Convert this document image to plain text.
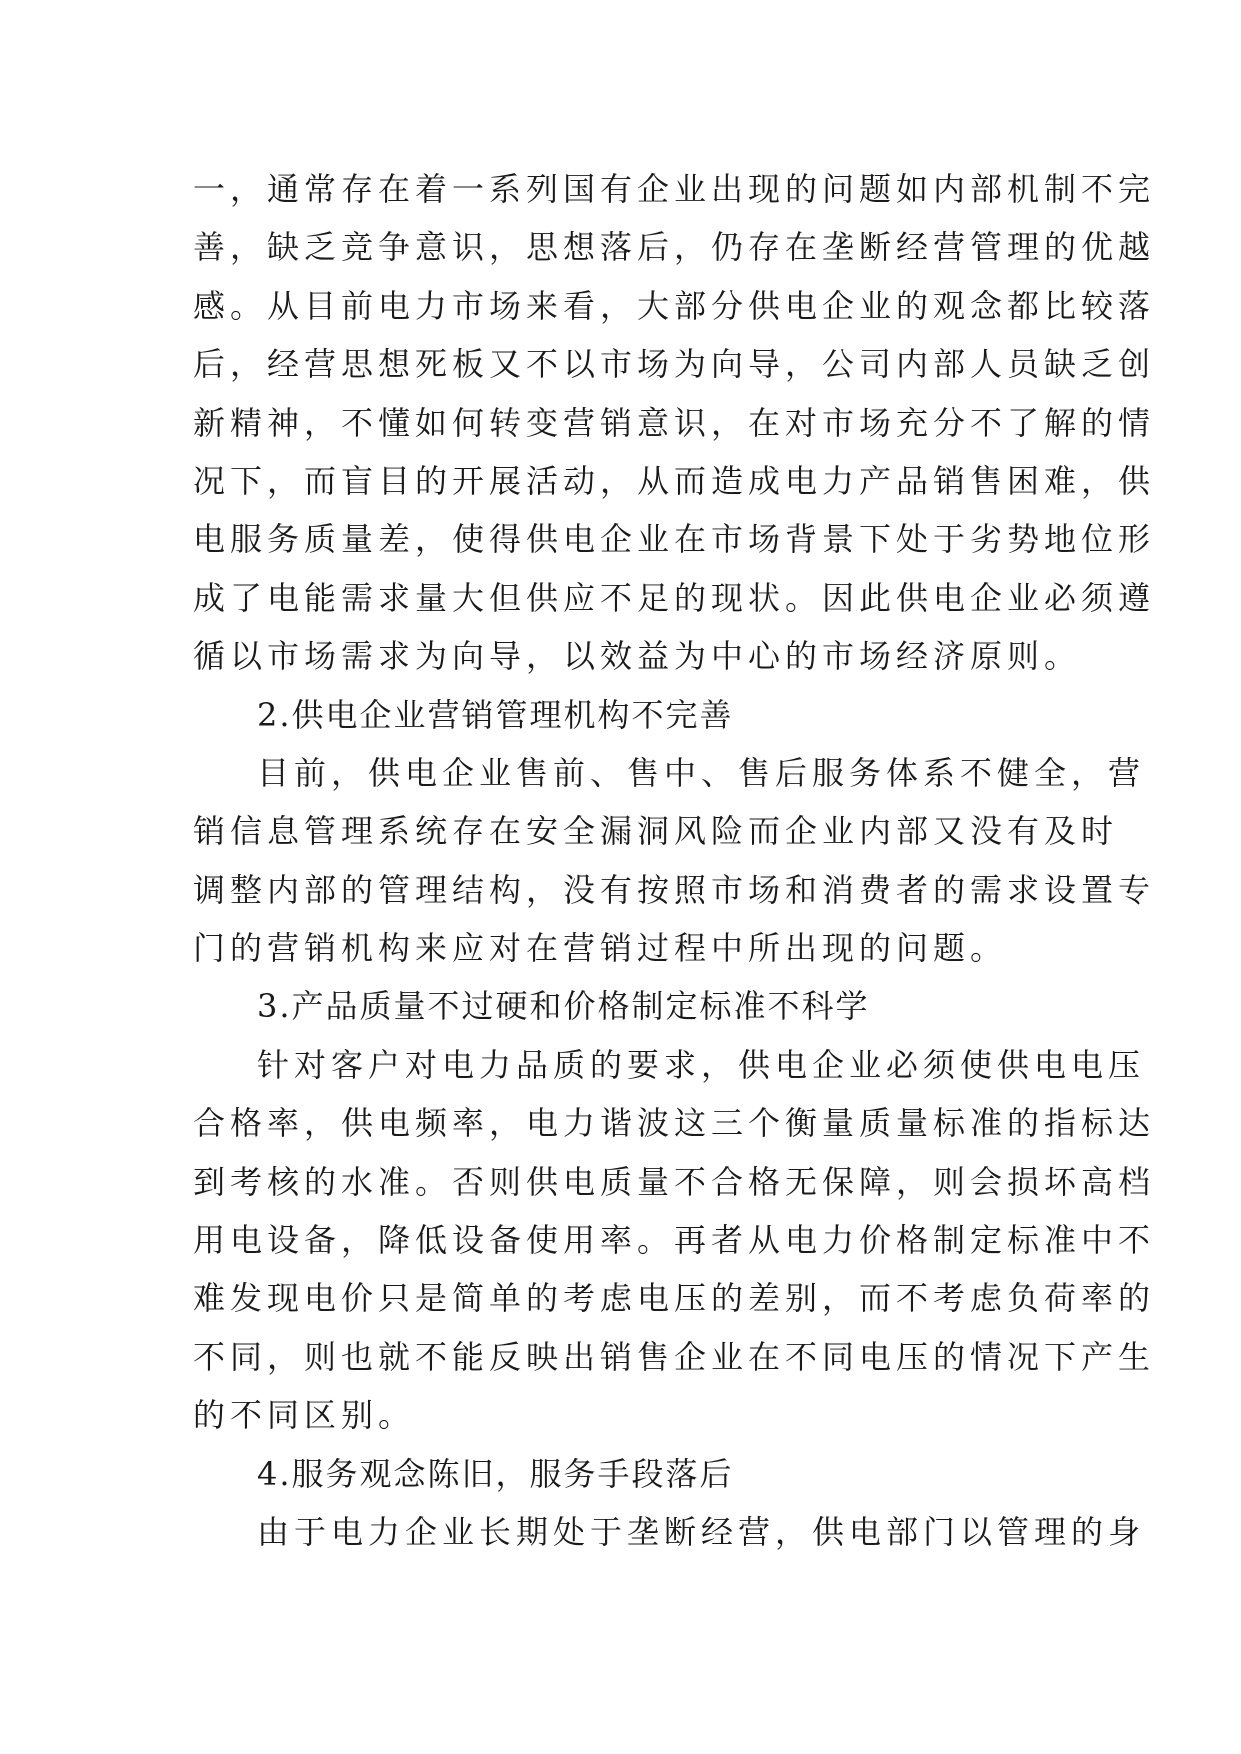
一，通常存在着一系列国有企业出现的问题如内部机制不完
善，缺乏竞争意识，思想落后，仍存在垄断经营管理的优越
感。从目前电力市场来看，大部分供电企业的观念都比较落
后，经营思想死板又不以市场为向导，公司内部人员缺乏创
新精神，不懂如何转变营销意识，在对市场充分不了解的情
况下，而盲目的开展活动，从而造成电力产品销售困难，供
电服务质量差，使得供电企业在市场背景下处于劣势地位形
成了电能需求量大但供应不足的现状。因此供电企业必须遵
循以市场需求为向导，以效益为中心的市场经济原则。
2.供电企业营销管理机构不完善
目前，供电企业售前、售中、售后服务体系不健全，营
销信息管理系统存在安全漏洞风险而企业内部又没有及时
调整内部的管理结构，没有按照市场和消费者的需求设置专
门的营销机构来应对在营销过程中所出现的问题。
3.产品质量不过硬和价格制定标准不科学
针对客户对电力品质的要求，供电企业必须使供电电压
合格率，供电频率，电力谐波这三个衡量质量标准的指标达
到考核的水准。否则供电质量不合格无保障，则会损坏高档
用电设备，降低设备使用率。再者从电力价格制定标准中不
难发现电价只是简单的考虑电压的差别，而不考虑负荷率的
不同，则也就不能反映出销售企业在不同电压的情况下产生
的不同区别。
4.服务观念陈旧，服务手段落后
由于电力企业长期处于垄断经营，供电部门以管理的身
